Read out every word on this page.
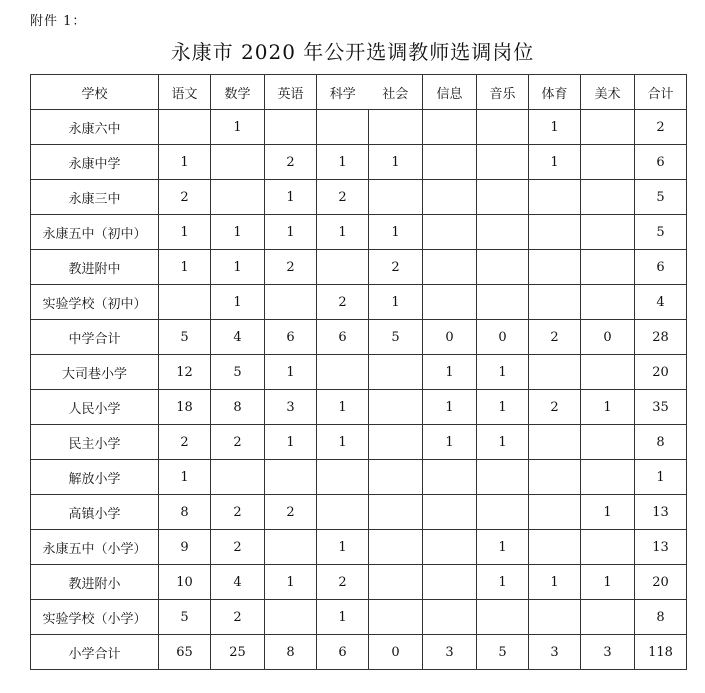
附件 1：
永康市 2020 年公开选调教师选调岗位
学校	语文	数学	英语	科学	社会	信息	音乐	体育	美术	合计
永康六中		1						1		2
永康中学	1		2	1	1			1		6
永康三中	2		1	2						5
永康五中（初中）	1	1	1	1	1					5
教进附中	1	1	2		2					6
实验学校（初中）		1		2	1					4
中学合计	5	4	6	6	5	0	0	2	0	28
大司巷小学	12	5	1			1	1			20
人民小学	18	8	3	1		1	1	2	1	35
民主小学	2	2	1	1		1	1			8
解放小学	1									1
高镇小学	8	2	2						1	13
永康五中（小学）	9	2		1			1			13
教进附小	10	4	1	2			1	1	1	20
实验学校（小学）	5	2		1						8
小学合计	65	25	8	6	0	3	5	3	3	118
